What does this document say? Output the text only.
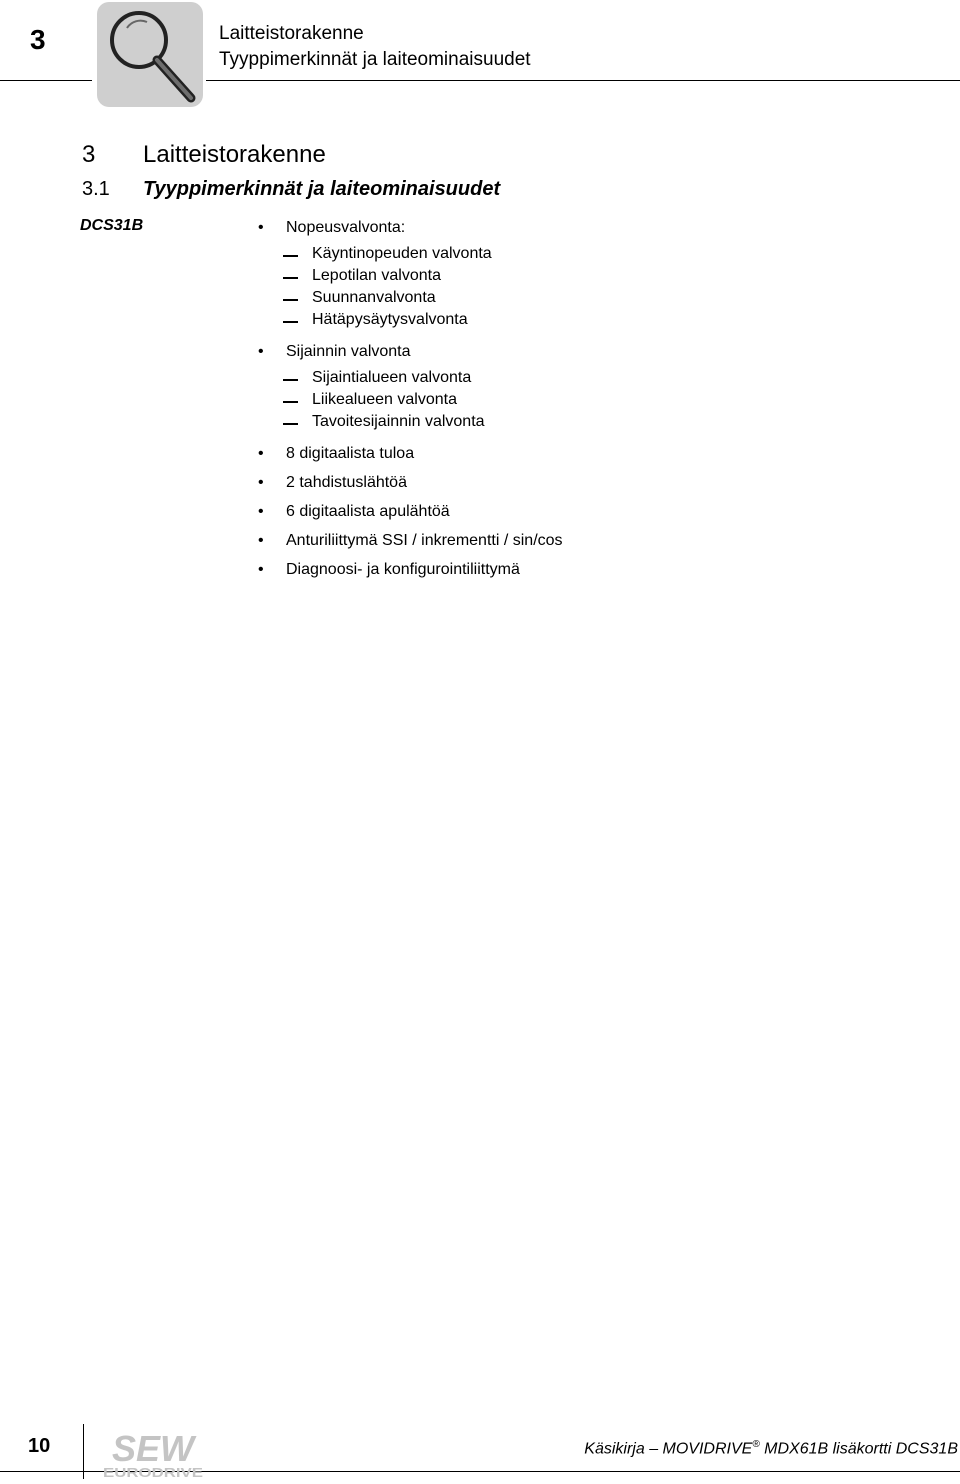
3	Laitteistorakenne
Tyyppimerkinnät ja laiteominaisuudet
3 Laitteistorakenne
3.1 Tyyppimerkinnät ja laiteominaisuudet
DCS31B	• Nopeusvalvonta:
Käyntinopeuden valvonta
Lepotilan valvonta
Suunnanvalvonta
Hätäpysäytysvalvonta
• Sijainnin valvonta
Sijaintialueen valvonta
Liikealueen valvonta
Tavoitesijainnin valvonta
• 8 digitaalista tuloa
• 2 tahdistuslähtöä
• 6 digitaalista apulähtöä
• Anturiliittymä SSI / inkrementti / sin/cos
• Diagnoosi- ja konfigurointiliittymä
10 SEW
EURODRIVE
Käsikirja – MOVIDRIVE® MDX61B lisäkortti DCS31B
